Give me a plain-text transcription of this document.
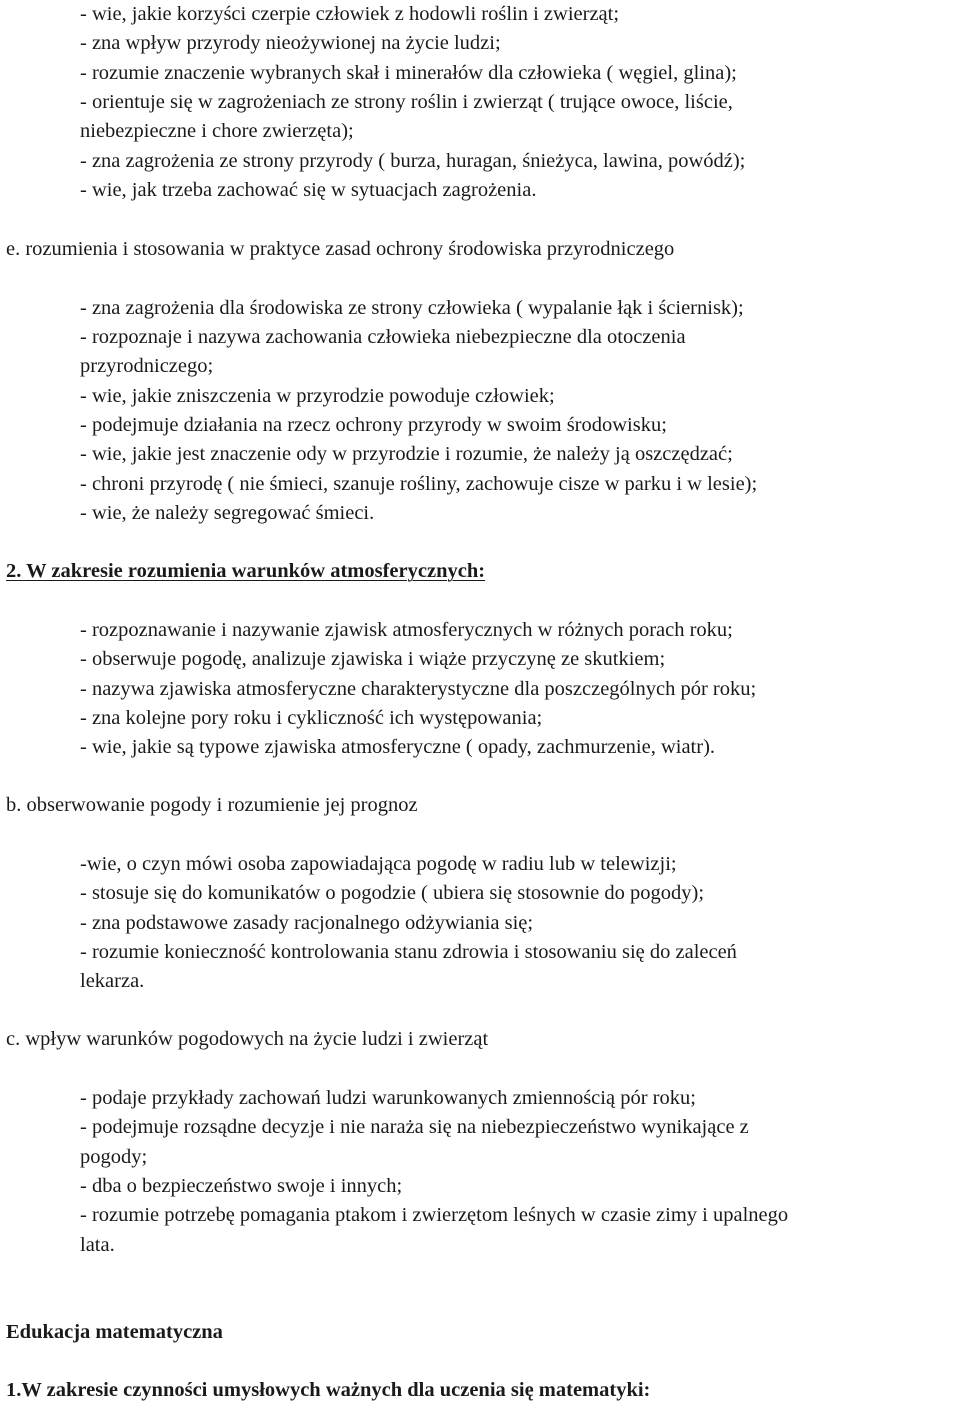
- wie, jakie korzyści czerpie człowiek z hodowli roślin i zwierząt;
- zna wpływ przyrody nieożywionej na życie ludzi;
- rozumie znaczenie wybranych skał i minerałów dla człowieka ( węgiel, glina);
- orientuje się w zagrożeniach ze strony roślin i zwierząt ( trujące owoce, liście,
niebezpieczne i chore zwierzęta);
- zna zagrożenia ze strony przyrody ( burza, huragan, śnieżyca, lawina, powódź);
- wie, jak trzeba zachować się w sytuacjach zagrożenia.
e. rozumienia i stosowania w praktyce zasad ochrony środowiska przyrodniczego
- zna zagrożenia dla środowiska ze strony człowieka ( wypalanie łąk i ściernisk);
- rozpoznaje i nazywa zachowania człowieka niebezpieczne dla otoczenia
przyrodniczego;
- wie, jakie zniszczenia w przyrodzie powoduje człowiek;
- podejmuje działania na rzecz ochrony przyrody w swoim środowisku;
- wie, jakie jest znaczenie ody w przyrodzie i rozumie, że należy ją oszczędzać;
- chroni przyrodę ( nie śmieci, szanuje rośliny, zachowuje cisze w parku i w lesie);
- wie, że należy segregować śmieci.
2. W zakresie rozumienia warunków atmosferycznych:
- rozpoznawanie i nazywanie zjawisk atmosferycznych w różnych porach roku;
- obserwuje pogodę, analizuje zjawiska i wiąże przyczynę ze skutkiem;
- nazywa zjawiska atmosferyczne charakterystyczne dla poszczególnych pór roku;
- zna kolejne pory roku i cykliczność ich występowania;
- wie, jakie są typowe zjawiska atmosferyczne ( opady, zachmurzenie, wiatr).
b. obserwowanie pogody i rozumienie jej prognoz
-wie, o czyn mówi osoba zapowiadająca pogodę w radiu lub w telewizji;
- stosuje się do komunikatów o pogodzie ( ubiera się stosownie do pogody);
- zna podstawowe zasady racjonalnego odżywiania się;
- rozumie konieczność kontrolowania stanu zdrowia i stosowaniu się do zaleceń
lekarza.
c. wpływ warunków pogodowych na życie ludzi i zwierząt
- podaje przykłady zachowań ludzi warunkowanych zmiennością pór roku;
- podejmuje rozsądne decyzje i nie naraża się na niebezpieczeństwo wynikające z
pogody;
- dba o bezpieczeństwo swoje i innych;
- rozumie potrzebę pomagania ptakom i zwierzętom leśnych w czasie zimy i upalnego
lata.
Edukacja matematyczna
1.W zakresie czynności umysłowych ważnych dla uczenia się matematyki:
